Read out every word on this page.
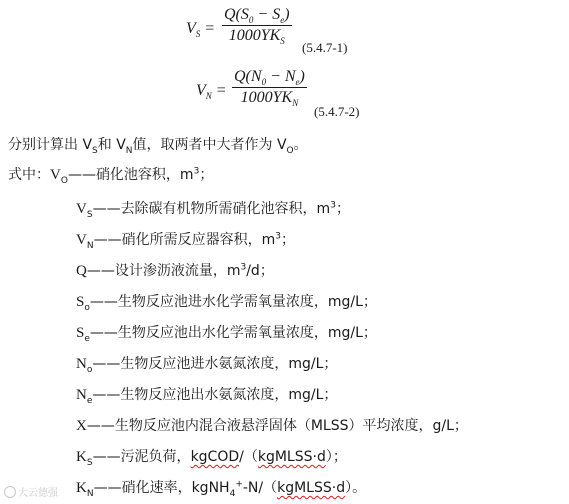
$V_S$ =
$Q(S_0 - S_e)$
$1000YK_S$	(5.4.7-1)
$V_N$ =
$Q(N_0 - N_e)$
$1000YK_N$
(5.4.7-2)
分别计算出 $V_S$和 $V_N$值，取两者中大者作为 $V_O$。
式中：$V_O——$硝化池容积，$m^3$；
$V_S——$去除碳有机物所需硝化池容积，$m^3$；
$V_N——$硝化所需反应器容积，$m^3$；
Q——设计渗沥液流量，$m^3/d$；
$S_o——$生物反应池进水化学需氧量浓度，mg/L；
$S_e——$生物反应池出水化学需氧量浓度，mg/L；
$N_o——$生物反应池进水氨氮浓度，mg/L；
$N_e——$生物反应池出水氨氮浓度，mg/L；
X——生物反应池内混合液悬浮固体（MLSS）平均浓度，g/L；
$K_S——$污泥负荷，kgCOD/（kgMLSS·d）；
$K_N——$硝化速率，kgNH$_4$+-N/（kgMLSS·d）。
大云德强
